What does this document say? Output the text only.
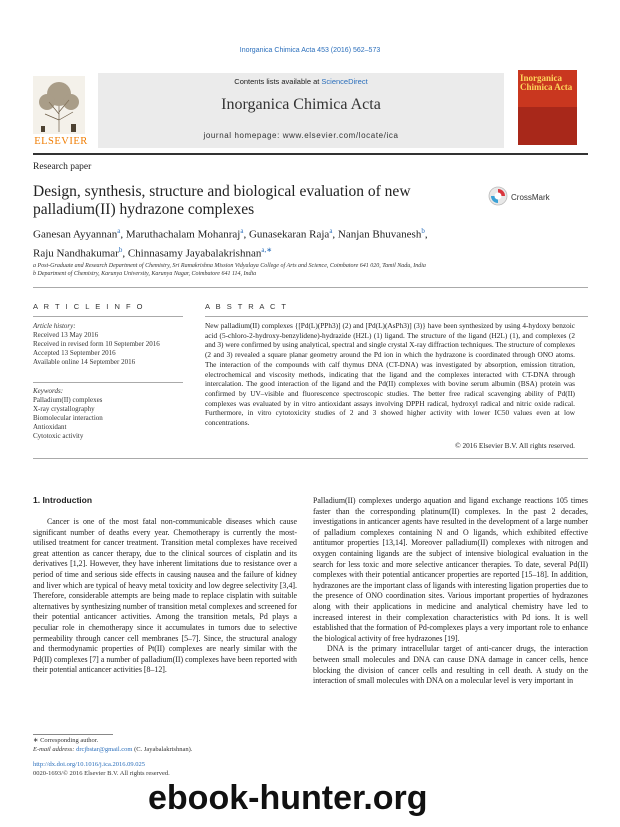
Inorganica Chimica Acta 453 (2016) 562–573
ELSEVIER
Contents lists available at ScienceDirect
Inorganica Chimica Acta
journal homepage: www.elsevier.com/locate/ica
Inorganica Chimica Acta
Research paper
Design, synthesis, structure and biological evaluation of new palladium(II) hydrazone complexes
CrossMark
Ganesan Ayyannan$^a$, Maruthachalam Mohanraj$^a$, Gunasekaran Raja$^a$, Nanjan Bhuvanesh$^b$,
Raju Nandhakumar$^b$, Chinnasamy Jayabalakrishnan$^{a,∗}$
a Post-Graduate and Research Department of Chemistry, Sri Ramakrishna Mission Vidyalaya College of Arts and Science, Coimbatore 641 020, Tamil Nadu, India
b Department of Chemistry, Karunya University, Karunya Nagar, Coimbatore 641 114, India
A R T I C L E I N F O
Article history:
Received 13 May 2016
Received in revised form 10 September 2016
Accepted 13 September 2016
Available online 14 September 2016
Keywords:
Palladium(II) complexes
X-ray crystallography
Biomolecular interaction
Antioxidant
Cytotoxic activity
A B S T R A C T
New palladium(II) complexes {[Pd(L)(PPh3)] (2) and [Pd(L)(AsPh3)] (3)} have been synthesized by using 4-hydoxy benzoic acid (5-chloro-2-hydroxy-benzylidene)-hydrazide (H2L) (1) ligand. The structure of the ligand (H2L) (1), and complexes (2 and 3) were confirmed by using analytical, spectral and single crystal X-ray diffraction techniques. The structure of complexes (2 and 3) revealed a square planar geometry around the Pd ion in which the hydrazone is coordinated through ONO atoms. The interaction of the compounds with calf thymus DNA (CT-DNA) was investigated by absorption, emission titration, electrochemical and viscosity methods, indicating that the ligand and the complexes interacted with CT-DNA through intercalation. The good interaction of the ligand and the Pd(II) complexes with bovine serum albumin (BSA) protein was confirmed by UV–visible and fluorescence spectroscopic studies. The better free radical scavenging ability of Pd(II) complexes was evaluated by in vitro antioxidant assays involving DPPH radical, hydroxyl radical and nitric oxide radical. Furthermore, in vitro cytotoxicity studies of 2 and 3 showed higher activity with lower IC50 values even at low concentrations.
© 2016 Elsevier B.V. All rights reserved.
1. Introduction

Cancer is one of the most fatal non-communicable diseases which cause significant number of deaths every year. Chemotherapy is currently the most-utilised treatment for cancer treatment. Transition metal complexes have received great attention as cancer therapy, due to the clinical sources of cisplatin and its derivatives [1,2]. However, they have inherent limitations due to resistance over a period of time and serious side effects in causing nausea and the failure of kidney and liver which are typical of heavy metal toxicity and low degree selectivity [3,4]. Therefore, considerable attempts are being made to replace cisplatin with suitable alternatives by synthesizing number of transition metal complexes and screened for their potential anticancer activities. Among the transition metals, Pd plays a peculiar role in chemotherapy since it accumulates in tumors due to selective permeability through cancer cell membranes [5–7]. Since, the structural analogy and thermodynamic properties of Pt(II) complexes are nearly similar with the Pd(II) complexes [7] a number of palladium(II) complexes have been reported with their potential anticancer activities [8–12].

Palladium(II) complexes undergo aquation and ligand exchange reactions 105 times faster than the corresponding platinum(II) complexes. In the past 2 decades, investigations in anticancer agents have resulted in the development of a large number of palladium complexes containing N and O ligands, which exhibited effective antitumor properties [13,14]. Moreover palladium(II) complexes with nitrogen and oxygen containing ligands are the subject of intensive biological evaluation in the search for less toxic and more selective anticancer therapies. To date, several Pd(II) complexes with their potential anticancer properties are reported [15–18]. In addition, hydrazones are the important class of ligands with interesting ligation properties due to the presence of ONO coordination sites. Various important properties of hydrazones along with their applications in medicine and analytical chemistry have led to increased interest in their complexation characteristics with Pd ions. It is well established that the formation of Pd-complexes plays a very important role to enhance the biological activity of free hydrazones [19].

DNA is the primary intracellular target of anti-cancer drugs, the interaction between small molecules and DNA can cause DNA damage in cancer cells, hence blocking the division of cancer cells and resulting in cell death. A study on the interaction of small molecules with DNA on a molecular level is very important in

∗ Corresponding author.
E-mail address: drcjbstar@gmail.com (C. Jayabalakrishnan).
http://dx.doi.org/10.1016/j.ica.2016.09.025
0020-1693/© 2016 Elsevier B.V. All rights reserved.
ebook-hunter.org
